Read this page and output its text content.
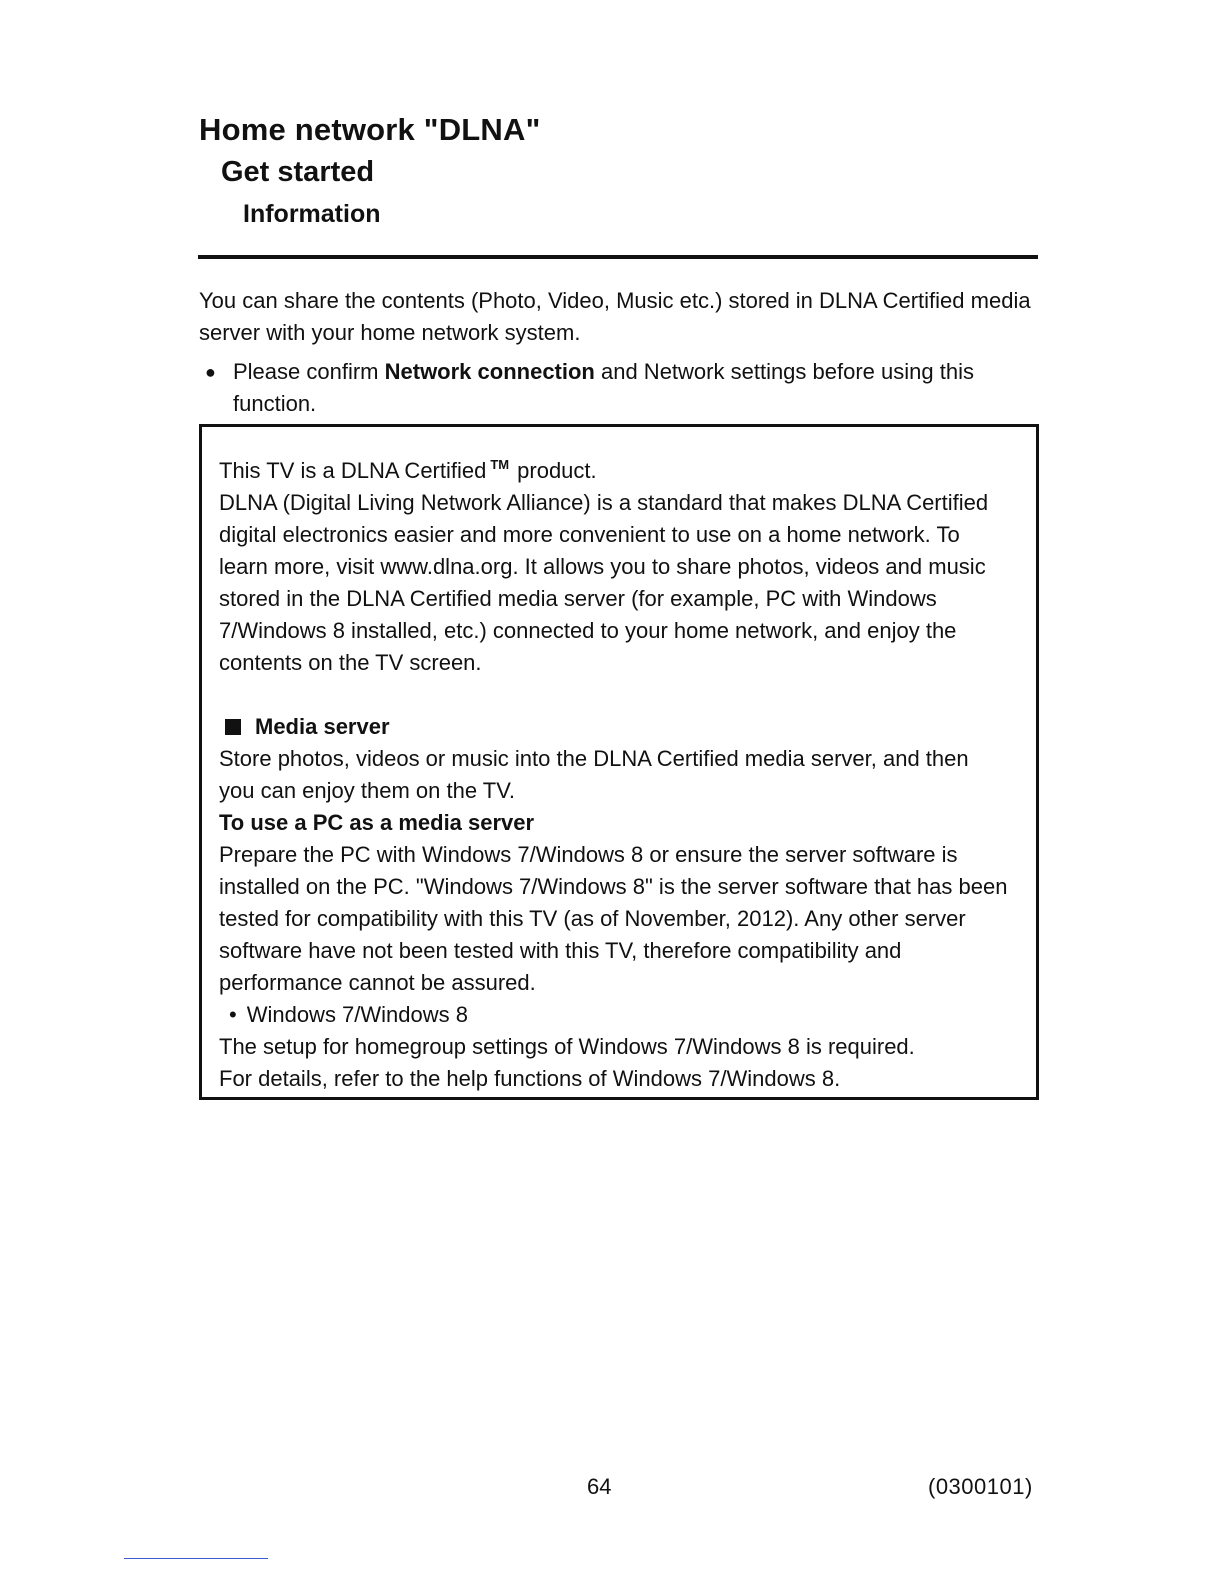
Home network "DLNA"
Get started
Information

You can share the contents (Photo, Video, Music etc.) stored in DLNA Certified media server with your home network system.

● Please confirm Network connection and Network settings before using this function.

This TV is a DLNA Certified ™ product.

DLNA (Digital Living Network Alliance) is a standard that makes DLNA Certified digital electronics easier and more convenient to use on a home network. To learn more, visit www.dlna.org. It allows you to share photos, videos and music stored in the DLNA Certified media server (for example, PC with Windows 7/Windows 8 installed, etc.) connected to your home network, and enjoy the contents on the TV screen.

Media server

Store photos, videos or music into the DLNA Certified media server, and then you can enjoy them on the TV.

To use a PC as a media server

Prepare the PC with Windows 7/Windows 8 or ensure the server software is installed on the PC. "Windows 7/Windows 8" is the server software that has been tested for compatibility with this TV (as of November, 2012). Any other server software have not been tested with this TV, therefore compatibility and performance cannot be assured.

• Windows 7/Windows 8

The setup for homegroup settings of Windows 7/Windows 8 is required.

For details, refer to the help functions of Windows 7/Windows 8.

64	(0300101)
